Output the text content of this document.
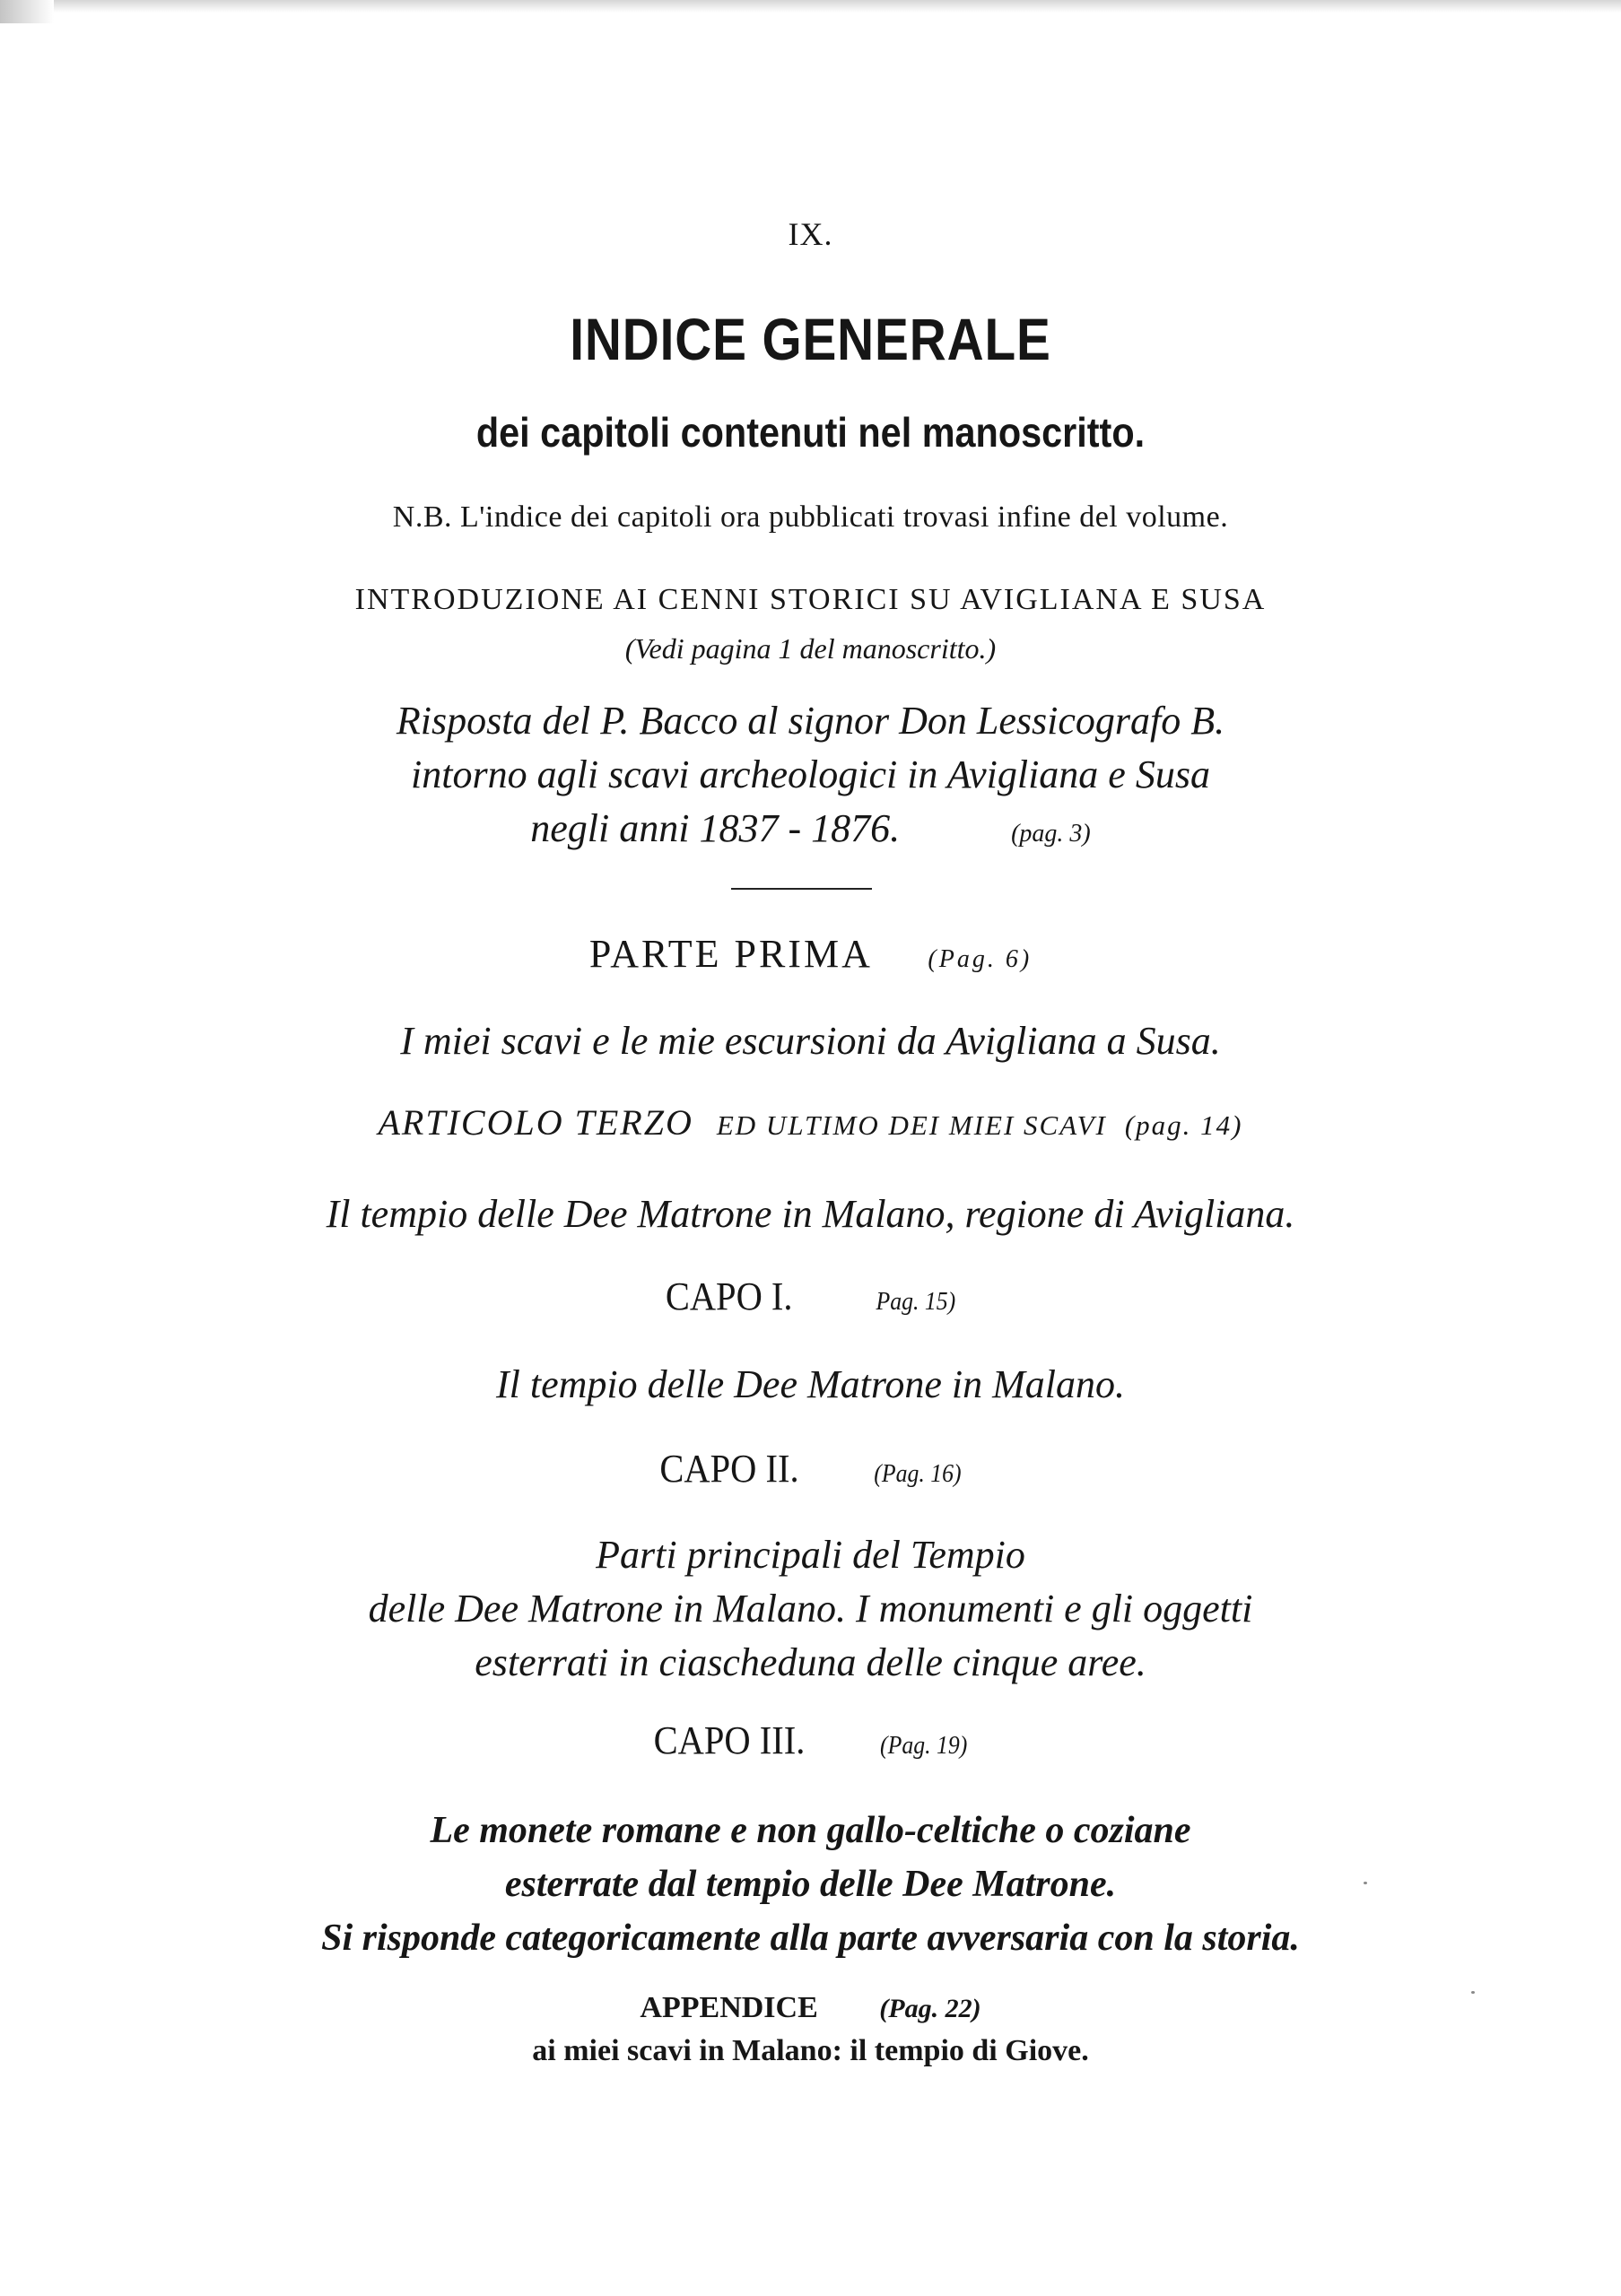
IX.
INDICE GENERALE
dei capitoli contenuti nel manoscritto.
N.B. L'indice dei capitoli ora pubblicati trovasi infine del volume.
INTRODUZIONE AI CENNI STORICI SU AVIGLIANA E SUSA
(Vedi pagina 1 del manoscritto.)
Risposta del P. Bacco al signor Don Lessicografo B.
intorno agli scavi archeologici in Avigliana e Susa
negli anni 1837 - 1876.	(pag. 3)
PARTE PRIMA (Pag. 6)
I miei scavi e le mie escursioni da Avigliana a Susa.
ARTICOLO TERZO ED ULTIMO DEI MIEI SCAVI (pag. 14)
Il tempio delle Dee Matrone in Malano, regione di Avigliana.
CAPO I.	Pag. 15)
Il tempio delle Dee Matrone in Malano.
CAPO II.	(Pag. 16)
Parti principali del Tempio
delle Dee Matrone in Malano. I monumenti e gli oggetti
esterrati in ciascheduna delle cinque aree.
CAPO III.	(Pag. 19)
Le monete romane e non gallo-celtiche o coziane
esterrate dal tempio delle Dee Matrone.
Si risponde categoricamente alla parte avversaria con la storia.
APPENDICE (Pag. 22)
ai miei scavi in Malano: il tempio di Giove.
